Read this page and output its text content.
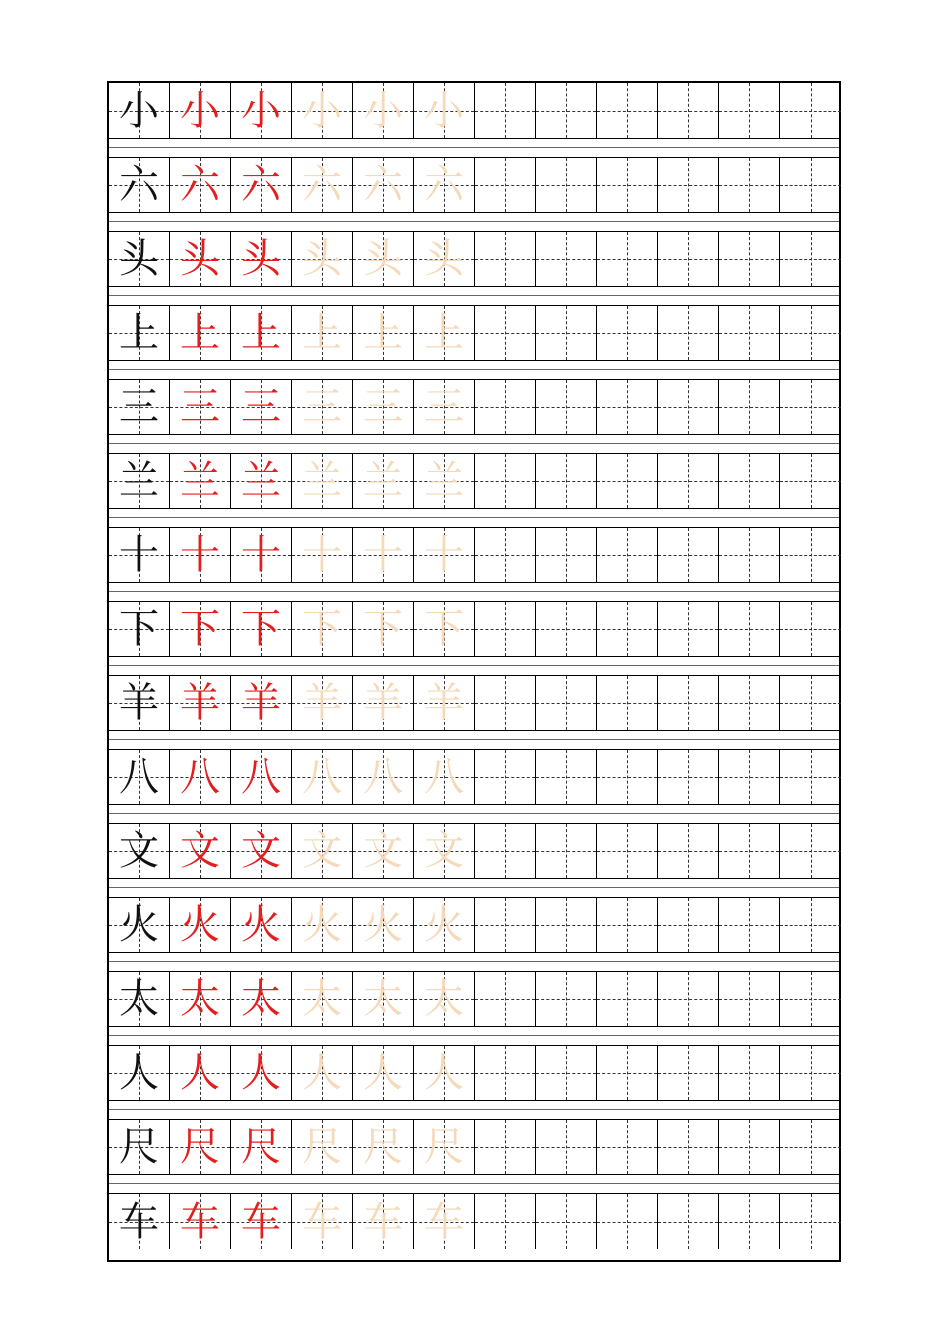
小 小 小 小 小 小
六 六 六 六 六 六
头 头 头 头 头 头
上 上 上 上 上 上
三 三 三 三 三 三
兰 兰 兰 兰 兰 兰
十 十 十 十 十 十
下 下 下 下 下 下
羊 羊 羊 羊 羊 羊
八 八 八 八 八 八
文 文 文 文 文 文
火 火 火 火 火 火
太 太 太 太 太 太
人 人 人 人 人 人
尺 尺 尺 尺 尺 尺
车 车 车 车 车 车
